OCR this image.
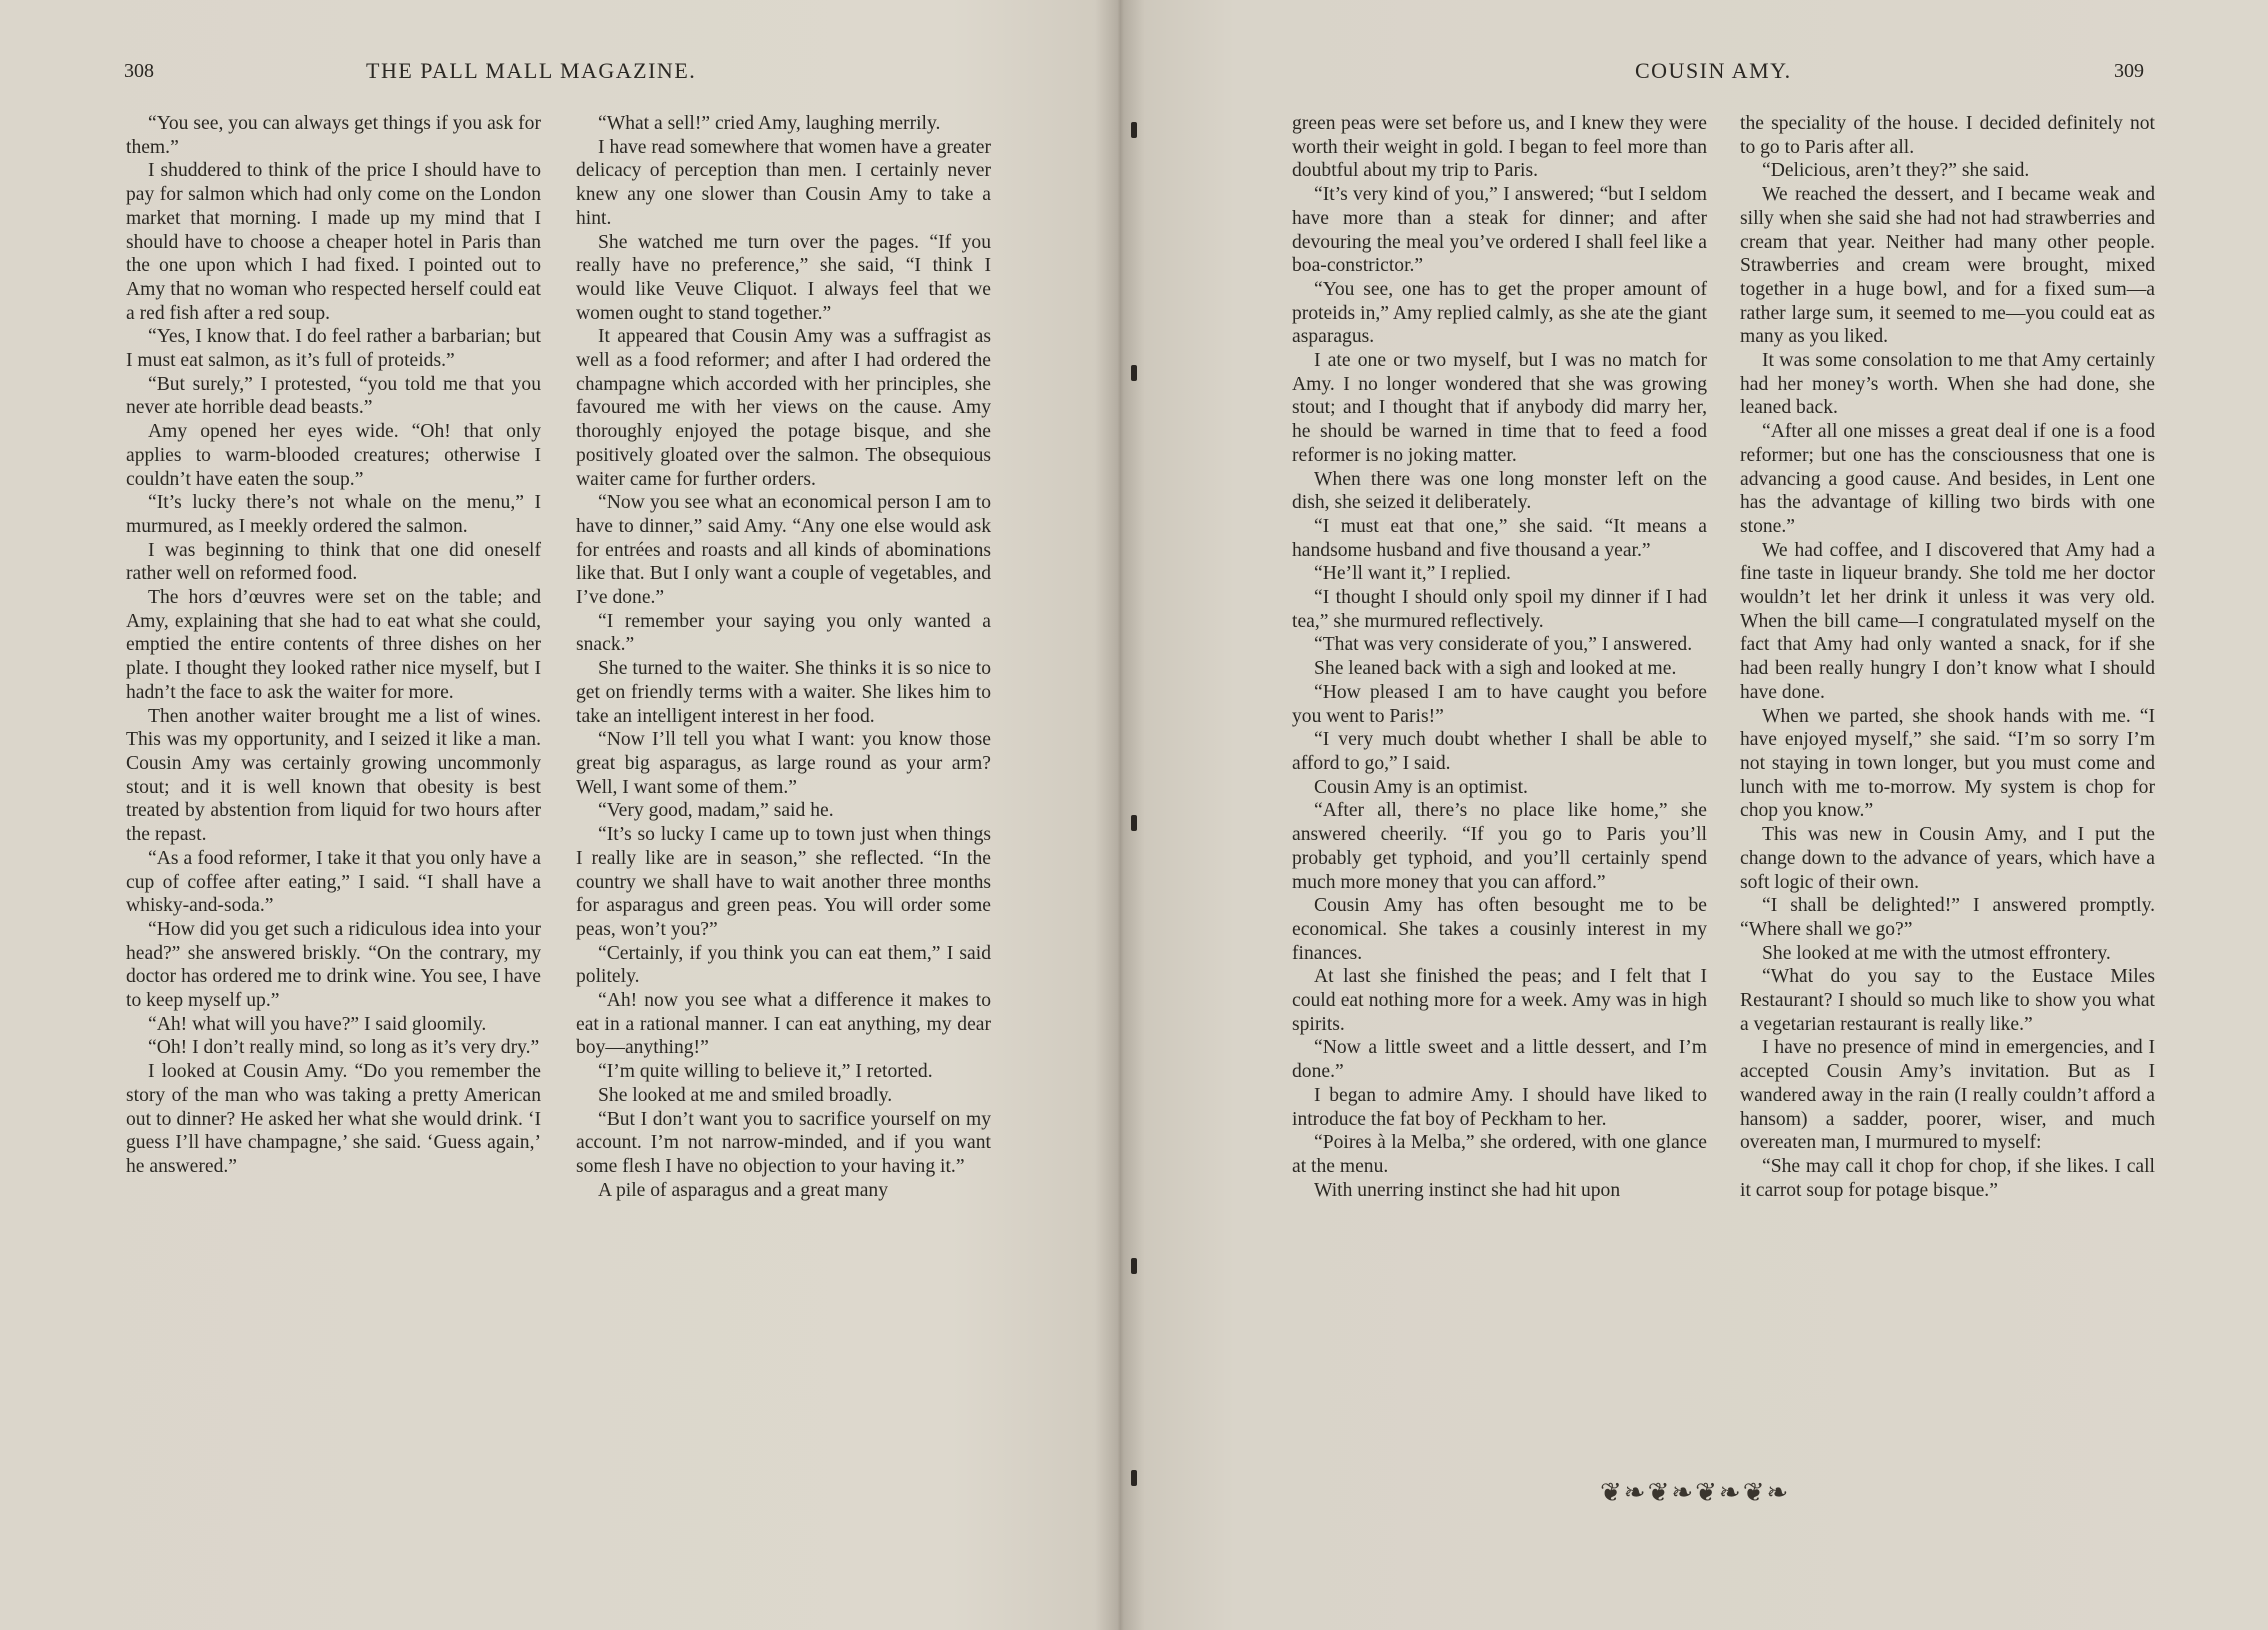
308	THE PALL MALL MAGAZINE.

“You see, you can always get things if you ask for them.”

I shuddered to think of the price I should have to pay for salmon which had only come on the London market that morning. I made up my mind that I should have to choose a cheaper hotel in Paris than the one upon which I had fixed. I pointed out to Amy that no woman who respected herself could eat a red fish after a red soup.

“Yes, I know that. I do feel rather a barbarian; but I must eat salmon, as it’s full of proteids.”

“But surely,” I protested, “you told me that you never ate horrible dead beasts.”

Amy opened her eyes wide. “Oh! that only applies to warm-blooded creatures; otherwise I couldn’t have eaten the soup.”

“It’s lucky there’s not whale on the menu,” I murmured, as I meekly ordered the salmon.

I was beginning to think that one did oneself rather well on reformed food.

The hors d’œuvres were set on the table; and Amy, explaining that she had to eat what she could, emptied the entire contents of three dishes on her plate. I thought they looked rather nice myself, but I hadn’t the face to ask the waiter for more.

Then another waiter brought me a list of wines. This was my opportunity, and I seized it like a man. Cousin Amy was certainly growing uncommonly stout; and it is well known that obesity is best treated by abstention from liquid for two hours after the repast.

“As a food reformer, I take it that you only have a cup of coffee after eating,” I said. “I shall have a whisky-and-soda.”

“How did you get such a ridiculous idea into your head?” she answered briskly. “On the contrary, my doctor has ordered me to drink wine. You see, I have to keep myself up.”

“Ah! what will you have?” I said gloomily.

“Oh! I don’t really mind, so long as it’s very dry.”

I looked at Cousin Amy. “Do you remember the story of the man who was taking a pretty American out to dinner? He asked her what she would drink. ‘I guess I’ll have champagne,’ she said. ‘Guess again,’ he answered.”

“What a sell!” cried Amy, laughing merrily.

I have read somewhere that women have a greater delicacy of perception than men. I certainly never knew any one slower than Cousin Amy to take a hint.

She watched me turn over the pages. “If you really have no preference,” she said, “I think I would like Veuve Cliquot. I always feel that we women ought to stand together.”

It appeared that Cousin Amy was a suffragist as well as a food reformer; and after I had ordered the champagne which accorded with her principles, she favoured me with her views on the cause. Amy thoroughly enjoyed the potage bisque, and she positively gloated over the salmon. The obsequious waiter came for further orders.

“Now you see what an economical person I am to have to dinner,” said Amy. “Any one else would ask for entrées and roasts and all kinds of abominations like that. But I only want a couple of vegetables, and I’ve done.”

“I remember your saying you only wanted a snack.”

She turned to the waiter. She thinks it is so nice to get on friendly terms with a waiter. She likes him to take an intelligent interest in her food.

“Now I’ll tell you what I want: you know those great big asparagus, as large round as your arm? Well, I want some of them.”

“Very good, madam,” said he.

“It’s so lucky I came up to town just when things I really like are in season,” she reflected. “In the country we shall have to wait another three months for asparagus and green peas. You will order some peas, won’t you?”

“Certainly, if you think you can eat them,” I said politely.

“Ah! now you see what a difference it makes to eat in a rational manner. I can eat anything, my dear boy—anything!”

“I’m quite willing to believe it,” I retorted.

She looked at me and smiled broadly.

“But I don’t want you to sacrifice yourself on my account. I’m not narrow-minded, and if you want some flesh I have no objection to your having it.”

A pile of asparagus and a great many

COUSIN AMY.	309

green peas were set before us, and I knew they were worth their weight in gold. I began to feel more than doubtful about my trip to Paris.

“It’s very kind of you,” I answered; “but I seldom have more than a steak for dinner; and after devouring the meal you’ve ordered I shall feel like a boa-constrictor.”

“You see, one has to get the proper amount of proteids in,” Amy replied calmly, as she ate the giant asparagus.

I ate one or two myself, but I was no match for Amy. I no longer wondered that she was growing stout; and I thought that if anybody did marry her, he should be warned in time that to feed a food reformer is no joking matter.

When there was one long monster left on the dish, she seized it deliberately.

“I must eat that one,” she said. “It means a handsome husband and five thousand a year.”

“He’ll want it,” I replied.

“I thought I should only spoil my dinner if I had tea,” she murmured reflectively.

“That was very considerate of you,” I answered.

She leaned back with a sigh and looked at me.

“How pleased I am to have caught you before you went to Paris!”

“I very much doubt whether I shall be able to afford to go,” I said.

Cousin Amy is an optimist.

“After all, there’s no place like home,” she answered cheerily. “If you go to Paris you’ll probably get typhoid, and you’ll certainly spend much more money that you can afford.”

Cousin Amy has often besought me to be economical. She takes a cousinly interest in my finances.

At last she finished the peas; and I felt that I could eat nothing more for a week. Amy was in high spirits.

“Now a little sweet and a little dessert, and I’m done.”

I began to admire Amy. I should have liked to introduce the fat boy of Peckham to her.

“Poires à la Melba,” she ordered, with one glance at the menu.

With unerring instinct she had hit upon

the speciality of the house. I decided definitely not to go to Paris after all.

“Delicious, aren’t they?” she said.

We reached the dessert, and I became weak and silly when she said she had not had strawberries and cream that year. Neither had many other people. Strawberries and cream were brought, mixed together in a huge bowl, and for a fixed sum—a rather large sum, it seemed to me—you could eat as many as you liked.

It was some consolation to me that Amy certainly had her money’s worth. When she had done, she leaned back.

“After all one misses a great deal if one is a food reformer; but one has the consciousness that one is advancing a good cause. And besides, in Lent one has the advantage of killing two birds with one stone.”

We had coffee, and I discovered that Amy had a fine taste in liqueur brandy. She told me her doctor wouldn’t let her drink it unless it was very old. When the bill came—I congratulated myself on the fact that Amy had only wanted a snack, for if she had been really hungry I don’t know what I should have done.

When we parted, she shook hands with me. “I have enjoyed myself,” she said. “I’m so sorry I’m not staying in town longer, but you must come and lunch with me to-morrow. My system is chop for chop you know.”

This was new in Cousin Amy, and I put the change down to the advance of years, which have a soft logic of their own.

“I shall be delighted!” I answered promptly. “Where shall we go?”

She looked at me with the utmost effrontery.

“What do you say to the Eustace Miles Restaurant? I should so much like to show you what a vegetarian restaurant is really like.”

I have no presence of mind in emergencies, and I accepted Cousin Amy’s invitation. But as I wandered away in the rain (I really couldn’t afford a hansom) a sadder, poorer, wiser, and much overeaten man, I murmured to myself:

“She may call it chop for chop, if she likes. I call it carrot soup for potage bisque.”

❦❧❦❧❦❧❦❧
